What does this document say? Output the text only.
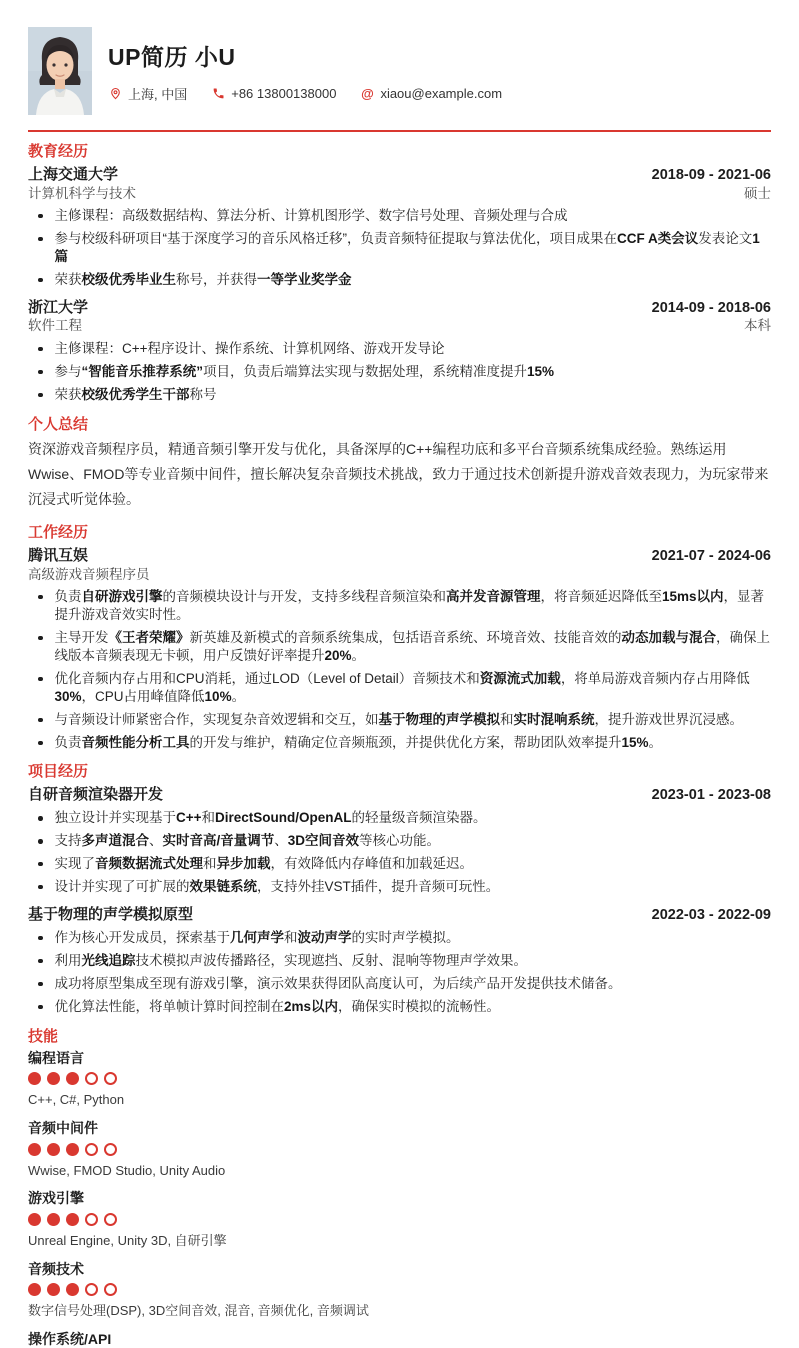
UP简历 小U
上海, 中国	+86 13800138000 @ xiaou@example.com
教育经历
上海交通大学	2018-09 - 2021-06
计算机科学与技术	硕士
主修课程：高级数据结构、算法分析、计算机图形学、数字信号处理、音频处理与合成
参与校级科研项目“基于深度学习的音乐风格迁移”，负责音频特征提取与算法优化，项目成果在CCF A类会议发表论文1篇
荣获校级优秀毕业生称号，并获得一等学业奖学金
浙江大学	2014-09 - 2018-06
软件工程	本科
主修课程：C++程序设计、操作系统、计算机网络、游戏开发导论
参与“智能音乐推荐系统”项目，负责后端算法实现与数据处理，系统精准度提升15%
荣获校级优秀学生干部称号
个人总结
资深游戏音频程序员，精通音频引擎开发与优化，具备深厚的C++编程功底和多平台音频系统集成经验。熟练运用Wwise、FMOD等专业音频中间件，擅长解决复杂音频技术挑战，致力于通过技术创新提升游戏音效表现力，为玩家带来沉浸式听觉体验。
工作经历
腾讯互娱	2021-07 - 2024-06
高级游戏音频程序员
负责自研游戏引擎的音频模块设计与开发，支持多线程音频渲染和高并发音源管理，将音频延迟降低至15ms以内，显著提升游戏音效实时性。
主导开发《王者荣耀》新英雄及新模式的音频系统集成，包括语音系统、环境音效、技能音效的动态加载与混合，确保上线版本音频表现无卡顿，用户反馈好评率提升20%。
优化音频内存占用和CPU消耗，通过LOD（Level of Detail）音频技术和资源流式加载，将单局游戏音频内存占用降低30%，CPU占用峰值降低10%。
与音频设计师紧密合作，实现复杂音效逻辑和交互，如基于物理的声学模拟和实时混响系统，提升游戏世界沉浸感。
负责音频性能分析工具的开发与维护，精确定位音频瓶颈，并提供优化方案，帮助团队效率提升15%。
项目经历
自研音频渲染器开发	2023-01 - 2023-08
独立设计并实现基于C++和DirectSound/OpenAL的轻量级音频渲染器。
支持多声道混合、实时音高/音量调节、3D空间音效等核心功能。
实现了音频数据流式处理和异步加载，有效降低内存峰值和加载延迟。
设计并实现了可扩展的效果链系统，支持外挂VST插件，提升音频可玩性。
基于物理的声学模拟原型	2022-03 - 2022-09
作为核心开发成员，探索基于几何声学和波动声学的实时声学模拟。
利用光线追踪技术模拟声波传播路径，实现遮挡、反射、混响等物理声学效果。
成功将原型集成至现有游戏引擎，演示效果获得团队高度认可，为后续产品开发提供技术储备。
优化算法性能，将单帧计算时间控制在2ms以内，确保实时模拟的流畅性。
技能
编程语言
C++, C#, Python
音频中间件
Wwise, FMOD Studio, Unity Audio
游戏引擎
Unreal Engine, Unity 3D, 自研引擎
音频技术
数字信号处理(DSP), 3D空间音效, 混音, 音频优化, 音频调试
操作系统/API
